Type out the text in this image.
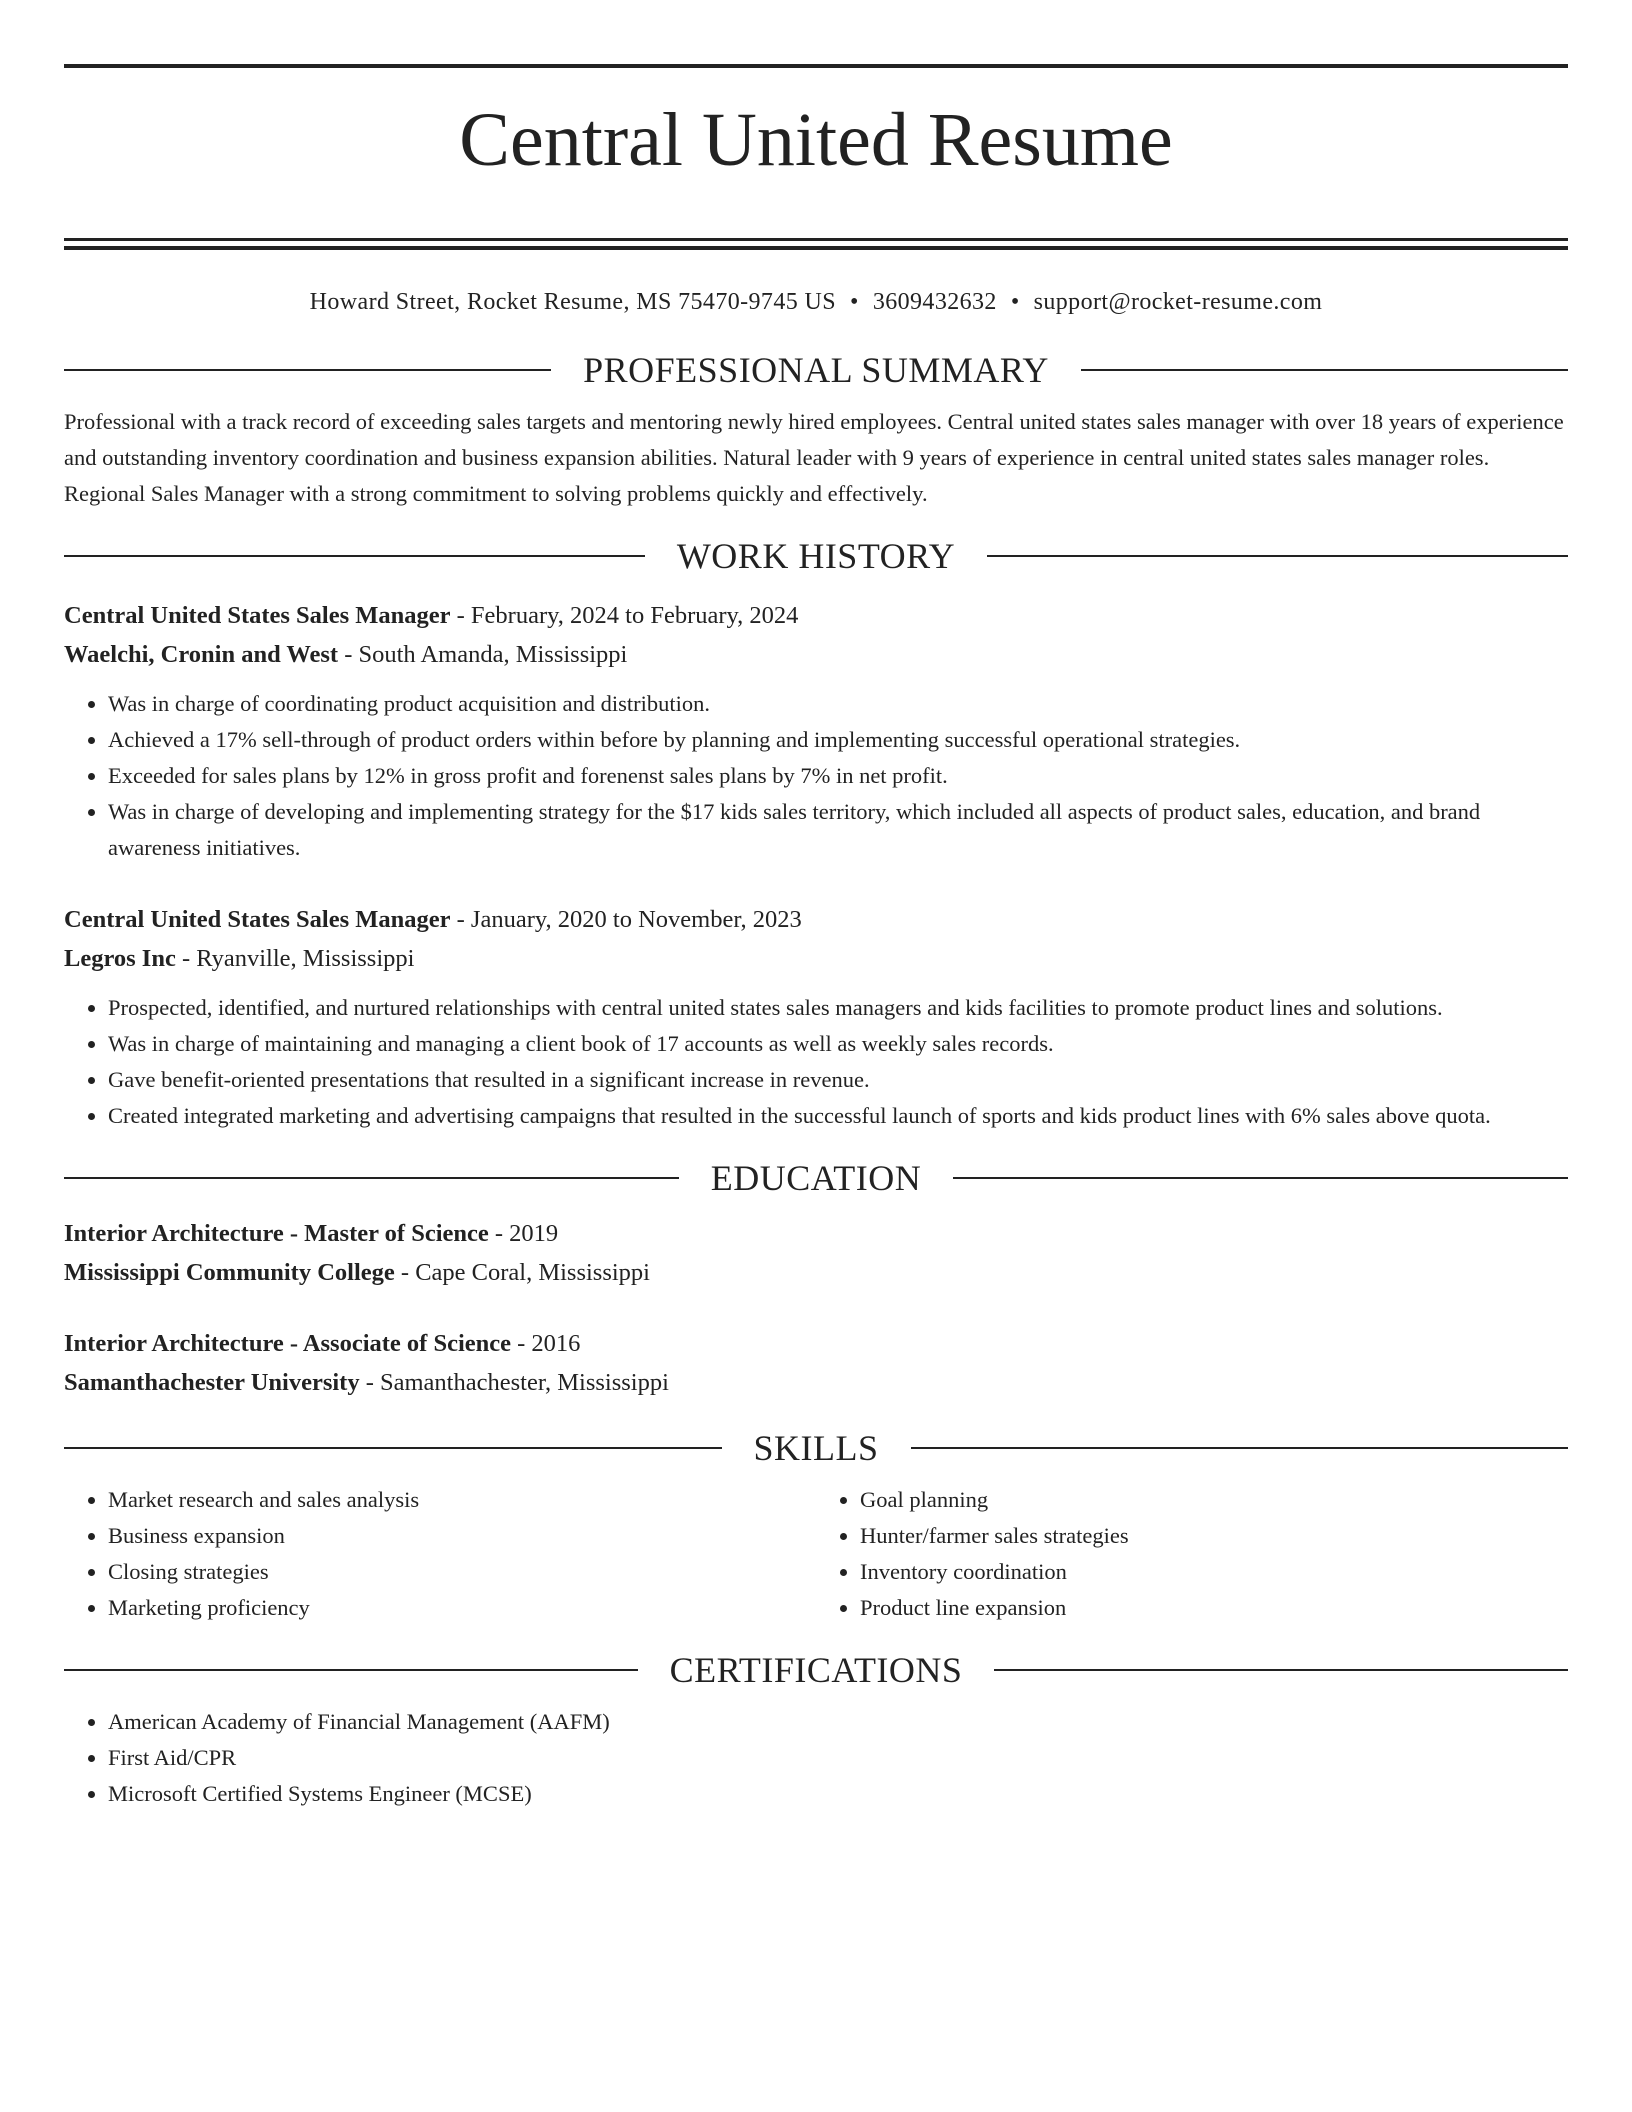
Central United Resume
Howard Street, Rocket Resume, MS 75470-9745 US • 3609432632 • support@rocket-resume.com
PROFESSIONAL SUMMARY
Professional with a track record of exceeding sales targets and mentoring newly hired employees. Central united states sales manager with over 18 years of experience and outstanding inventory coordination and business expansion abilities. Natural leader with 9 years of experience in central united states sales manager roles. Regional Sales Manager with a strong commitment to solving problems quickly and effectively.
WORK HISTORY
Central United States Sales Manager - February, 2024 to February, 2024
Waelchi, Cronin and West - South Amanda, Mississippi
• Was in charge of coordinating product acquisition and distribution.
• Achieved a 17% sell-through of product orders within before by planning and implementing successful operational strategies.
• Exceeded for sales plans by 12% in gross profit and forenenst sales plans by 7% in net profit.
• Was in charge of developing and implementing strategy for the $17 kids sales territory, which included all aspects of product sales, education, and brand awareness initiatives.
Central United States Sales Manager - January, 2020 to November, 2023
Legros Inc - Ryanville, Mississippi
• Prospected, identified, and nurtured relationships with central united states sales managers and kids facilities to promote product lines and solutions.
• Was in charge of maintaining and managing a client book of 17 accounts as well as weekly sales records.
• Gave benefit-oriented presentations that resulted in a significant increase in revenue.
• Created integrated marketing and advertising campaigns that resulted in the successful launch of sports and kids product lines with 6% sales above quota.
EDUCATION
Interior Architecture - Master of Science - 2019
Mississippi Community College - Cape Coral, Mississippi
Interior Architecture - Associate of Science - 2016
Samanthachester University - Samanthachester, Mississippi
SKILLS
• Market research and sales analysis
• Business expansion
• Closing strategies
• Marketing proficiency
• Goal planning
• Hunter/farmer sales strategies
• Inventory coordination
• Product line expansion
CERTIFICATIONS
• American Academy of Financial Management (AAFM)
• First Aid/CPR
• Microsoft Certified Systems Engineer (MCSE)
